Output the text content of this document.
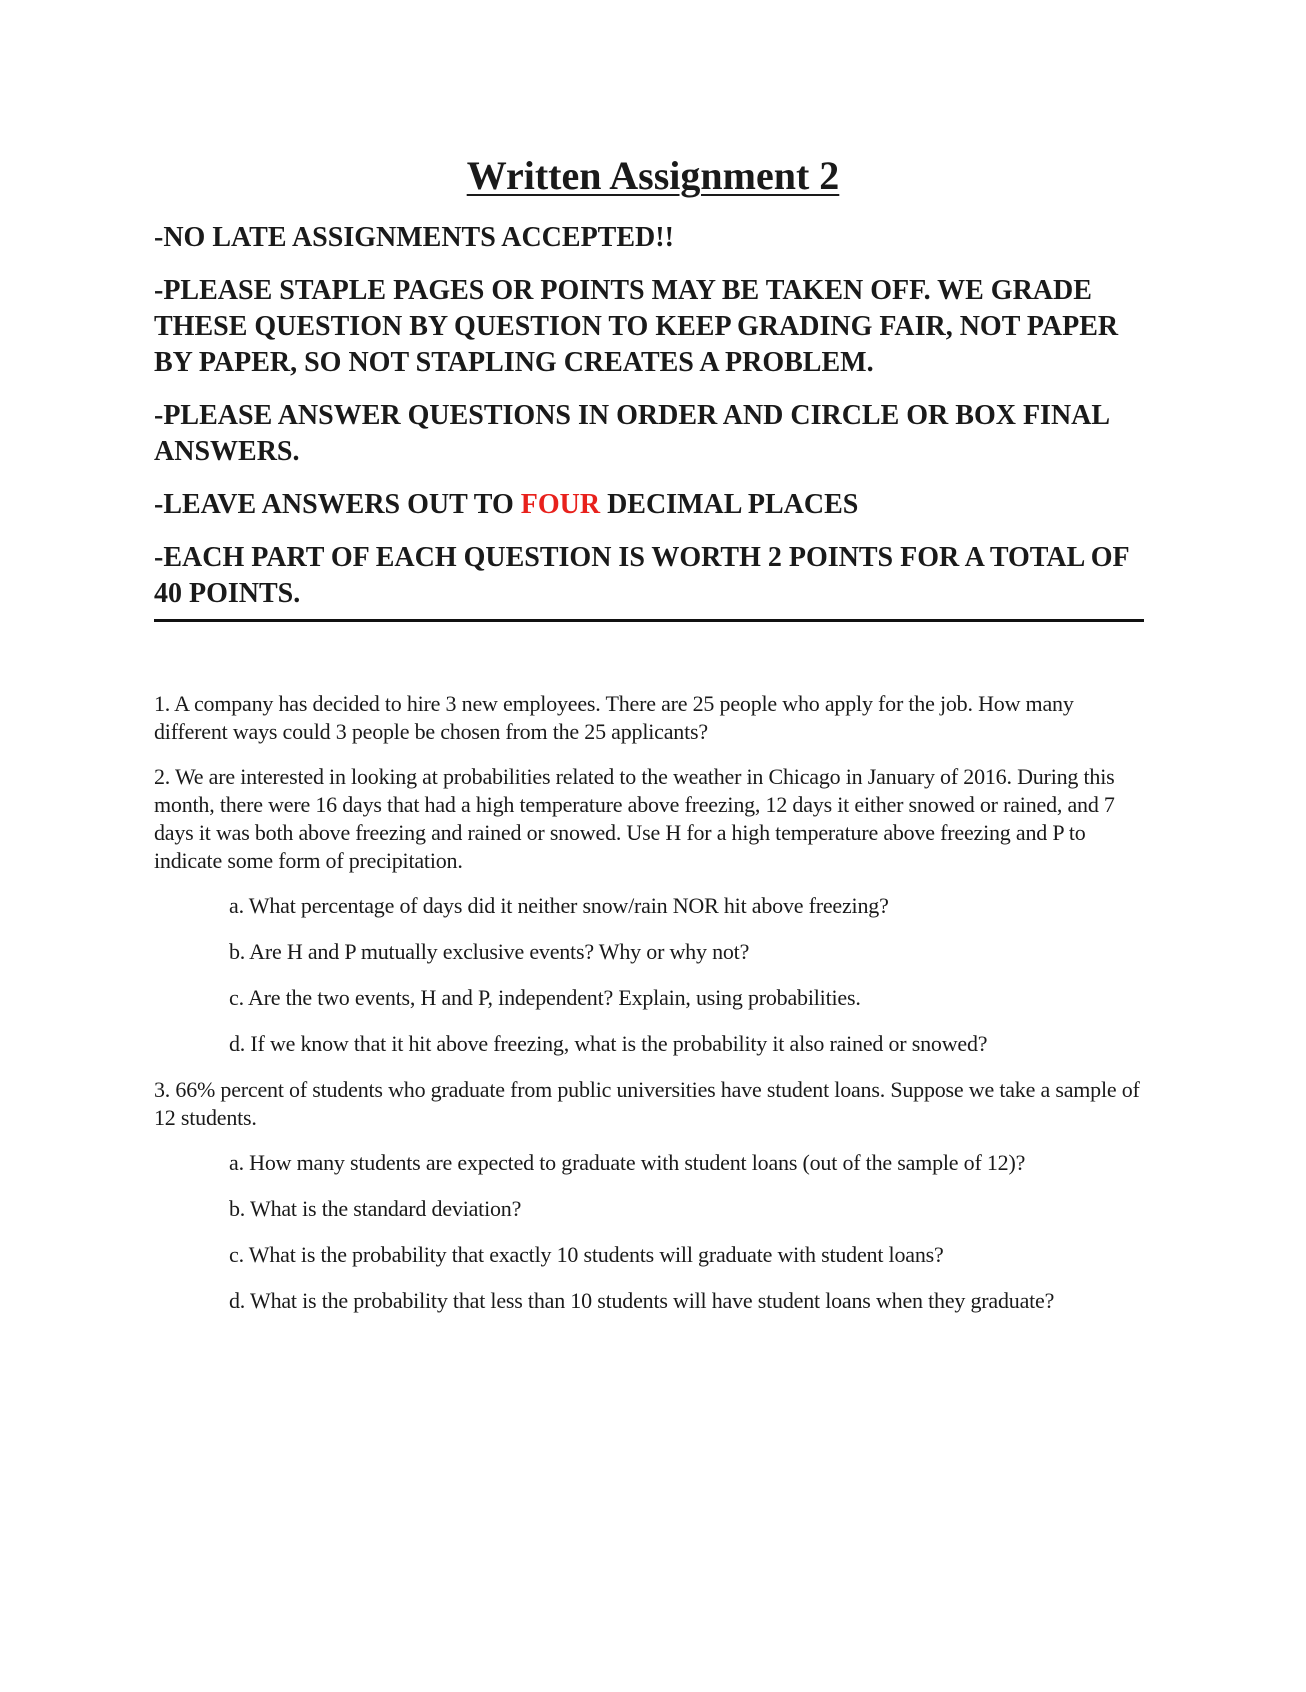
Written Assignment 2

-NO LATE ASSIGNMENTS ACCEPTED!!

-PLEASE STAPLE PAGES OR POINTS MAY BE TAKEN OFF. WE GRADE THESE QUESTION BY QUESTION TO KEEP GRADING FAIR, NOT PAPER BY PAPER, SO NOT STAPLING CREATES A PROBLEM.

-PLEASE ANSWER QUESTIONS IN ORDER AND CIRCLE OR BOX FINAL ANSWERS.

-LEAVE ANSWERS OUT TO FOUR DECIMAL PLACES

-EACH PART OF EACH QUESTION IS WORTH 2 POINTS FOR A TOTAL OF 40 POINTS.

1. A company has decided to hire 3 new employees. There are 25 people who apply for the job. How many different ways could 3 people be chosen from the 25 applicants?

2. We are interested in looking at probabilities related to the weather in Chicago in January of 2016. During this month, there were 16 days that had a high temperature above freezing, 12 days it either snowed or rained, and 7 days it was both above freezing and rained or snowed. Use H for a high temperature above freezing and P to indicate some form of precipitation.

a. What percentage of days did it neither snow/rain NOR hit above freezing?

b. Are H and P mutually exclusive events? Why or why not?

c. Are the two events, H and P, independent? Explain, using probabilities.

d. If we know that it hit above freezing, what is the probability it also rained or snowed?

3. 66% percent of students who graduate from public universities have student loans. Suppose we take a sample of 12 students.

a. How many students are expected to graduate with student loans (out of the sample of 12)?

b. What is the standard deviation?

c. What is the probability that exactly 10 students will graduate with student loans?

d. What is the probability that less than 10 students will have student loans when they graduate?
